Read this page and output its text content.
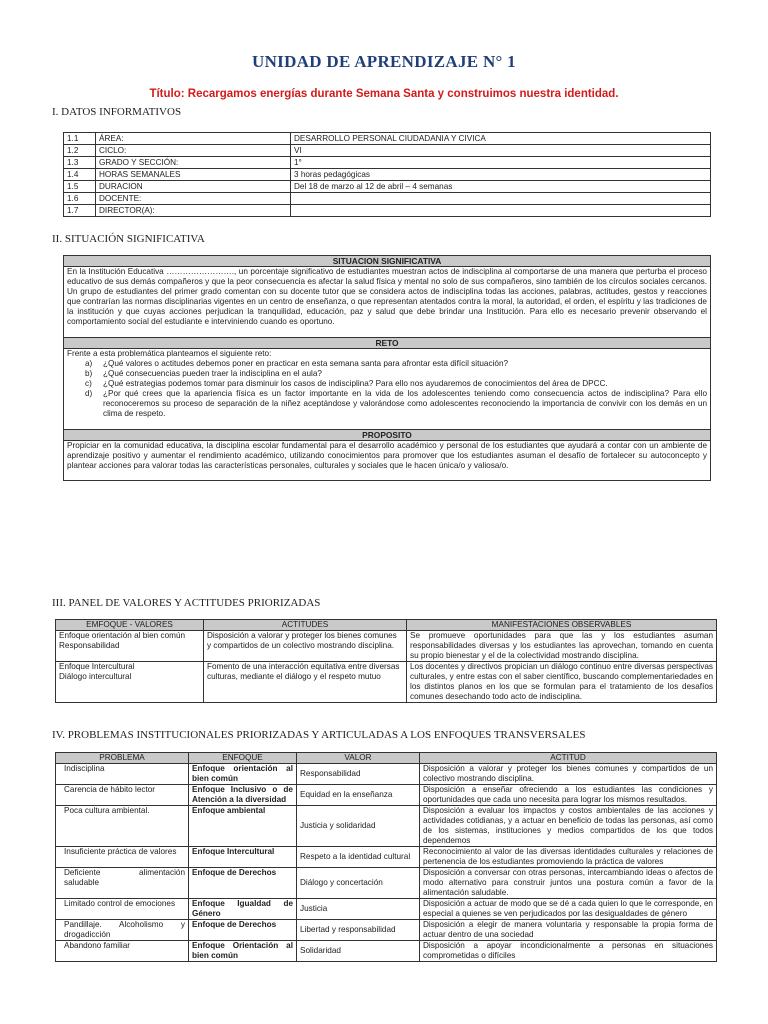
UNIDAD DE APRENDIZAJE N° 1
Título: Recargamos energías durante Semana Santa y construimos nuestra identidad.
I. DATOS INFORMATIVOS
1.1	ÁREA:	DESARROLLO PERSONAL CIUDADANIA Y CIVICA
1.2	CICLO:	VI
1.3	GRADO Y SECCIÓN:	1°
1.4	HORAS SEMANALES	3 horas pedagógicas
1.5	DURACION	Del 18 de marzo al 12 de abril – 4 semanas
1.6	DOCENTE:	
1.7	DIRECTOR(A):	
II. SITUACIÓN SIGNIFICATIVA
SITUACION SIGNIFICATIVA
En la Institución Educativa ……………………., un porcentaje significativo de estudiantes muestran actos de indisciplina al comportarse de una manera que perturba el proceso educativo de sus demás compañeros y que la peor consecuencia es afectar la salud física y mental no solo de sus compañeros, sino también de los círculos sociales cercanos. Un grupo de estudiantes del primer grado comentan con su docente tutor que se considera actos de indisciplina todas las acciones, palabras, actitudes, gestos y reacciones que contrarían las normas disciplinarias vigentes en un centro de enseñanza, o que representan atentados contra la moral, la autoridad, el orden, el espíritu y las tradiciones de la institución y que cuyas acciones perjudican la tranquilidad, educación, paz y salud que debe brindar una Institución. Para ello es necesario prevenir observando el comportamiento social del estudiante e interviniendo cuando es oportuno.
RETO

Frente a esta problemática planteamos el siguiente reto:
a) ¿Qué valores o actitudes debemos poner en practicar en esta semana santa para afrontar esta difícil situación?
b) ¿Qué consecuencias pueden traer la indisciplina en el aula?
c) ¿Qué estrategias podemos tomar para disminuir los casos de indisciplina? Para ello nos ayudaremos de conocimientos del área de DPCC.
d) ¿Por qué crees que la apariencia física es un factor importante en la vida de los adolescentes teniendo como consecuencia actos de indisciplina? Para ello reconoceremos su proceso de separación de la niñez aceptándose y valorándose como adolescentes reconociendo la importancia de convivir con los demás en un clima de respeto.

PROPOSITO
Propiciar en la comunidad educativa, la disciplina escolar fundamental para el desarrollo académico y personal de los estudiantes que ayudará a contar con un ambiente de aprendizaje positivo y aumentar el rendimiento académico, utilizando conocimientos para promover que los estudiantes asuman el desafío de fortalecer su autoconcepto y plantear acciones para valorar todas las características personales, culturales y sociales que le hacen única/o y valiosa/o.
III. PANEL DE VALORES Y ACTITUDES PRIORIZADAS
EMFOQUE - VALORES	ACTITUDES	MANIFESTACIONES OBSERVABLES

Enfoque orientación al bien común
Responsabilidad	Disposición a valorar y proteger los bienes comunes y compartidos de un colectivo mostrando disciplina.	Se promueve oportunidades para que las y los estudiantes asuman responsabilidades diversas y los estudiantes las aprovechan, tomando en cuenta su propio bienestar y el de la colectividad mostrando disciplina.

Enfoque Intercultural
Diálogo intercultural	Fomento de una interacción equitativa entre diversas culturas, mediante el diálogo y el respeto mutuo	Los docentes y directivos propician un diálogo continuo entre diversas perspectivas culturales, y entre estas con el saber científico, buscando complementariedades en los distintos planos en los que se formulan para el tratamiento de los desafíos comunes desechando todo acto de indisciplina.
IV. PROBLEMAS INSTITUCIONALES PRIORIZADAS Y ARTICULADAS A LOS ENFOQUES TRANSVERSALES
PROBLEMA	ENFOQUE	VALOR	ACTITUD
Indisciplina	Enfoque orientación al bien común	Responsabilidad	Disposición a valorar y proteger los bienes comunes y compartidos de un colectivo mostrando disciplina.
Carencia de hábito lector	Enfoque Inclusivo o de Atención a la diversidad	Equidad en la enseñanza	Disposición a enseñar ofreciendo a los estudiantes las condiciones y oportunidades que cada uno necesita para lograr los mismos resultados.
Poca cultura ambiental.	Enfoque ambiental	Justicia y solidaridad	Disposición a evaluar los impactos y costos ambientales de las acciones y actividades cotidianas, y a actuar en beneficio de todas las personas, así como de los sistemas, instituciones y medios compartidos de los que todos dependemos
Insuficiente práctica de valores	Enfoque Intercultural	Respeto a la identidad cultural	Reconocimiento al valor de las diversas identidades culturales y relaciones de pertenencia de los estudiantes promoviendo la práctica de valores
Deficiente alimentación saludable	Enfoque de Derechos	Diálogo y concertación	Disposición a conversar con otras personas, intercambiando ideas o afectos de modo alternativo para construir juntos una postura común a favor de la alimentación saludable.
Limitado control de emociones	Enfoque Igualdad de Género	Justicia	Disposición a actuar de modo que se dé a cada quien lo que le corresponde, en especial a quienes se ven perjudicados por las desigualdades de género
Pandillaje. Alcoholismo y drogadicción	Enfoque de Derechos	Libertad y responsabilidad	Disposición a elegir de manera voluntaria y responsable la propia forma de actuar dentro de una sociedad
Abandono familiar	Enfoque Orientación al bien común	Solidaridad	Disposición a apoyar incondicionalmente a personas en situaciones comprometidas o difíciles
